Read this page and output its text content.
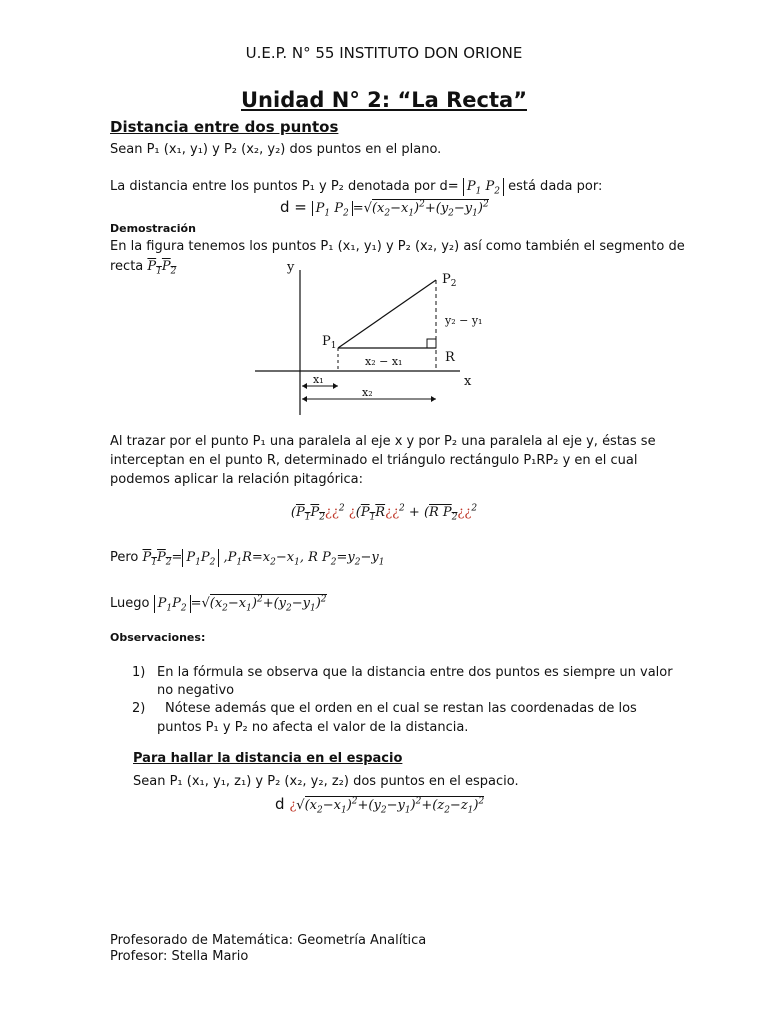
U.E.P. N° 55 INSTITUTO DON ORIONE
Unidad N° 2: “La Recta”
Distancia entre dos puntos
Sean P₁ (x₁, y₁) y P₂ (x₂, y₂) dos puntos en el plano.
La distancia entre los puntos P₁ y P₂ denotada por $d= P_1$ $P_2$ está dada por:
$d = P_1$ $P_2 =√(x_2-x_1)^2+(y_2-y_1)^2$
Demostración
En la figura tenemos los puntos P₁ (x₁, y₁) y P₂ (x₂, y₂) así como también el segmento de
recta $P_1P_2$	y
x
$P_1$
$P_2$
R
y₂ − y₁
x₂ − x₁
x₁
x₂
Al trazar por el punto P₁ una paralela al eje x y por P₂ una paralela al eje y, éstas se
interceptan en el punto R, determinado el triángulo rectángulo P₁RP₂ y en el cual
podemos aplicar la relación pitagórica:
($P_1P_2¿¿^2$ ¿($P_1R¿¿^2 + (R$ $P_2¿¿^2$
Pero $P_1P_2= P_1P_2$ $,P_1R=x_2-x_1$, R $P_2=y_2-y_1$
Luego $P_1P_2 =√(x_2-x_1)^2+(y_2-y_1)^2$
Observaciones:
1) En la fórmula se observa que la distancia entre dos puntos es siempre un valor
no negativo
2) Nótese además que el orden en el cual se restan las coordenadas de los
puntos P₁ y P₂ no afecta el valor de la distancia.
Para hallar la distancia en el espacio
Sean P₁ (x₁, y₁, z₁) y P₂ (x₂, y₂, z₂) dos puntos en el espacio.
d ¿$√(x_2-x_1)^2+(y_2-y_1)^2+(z_2-z_1)^2$
Profesorado de Matemática: Geometría Analítica
Profesor: Stella Mario
